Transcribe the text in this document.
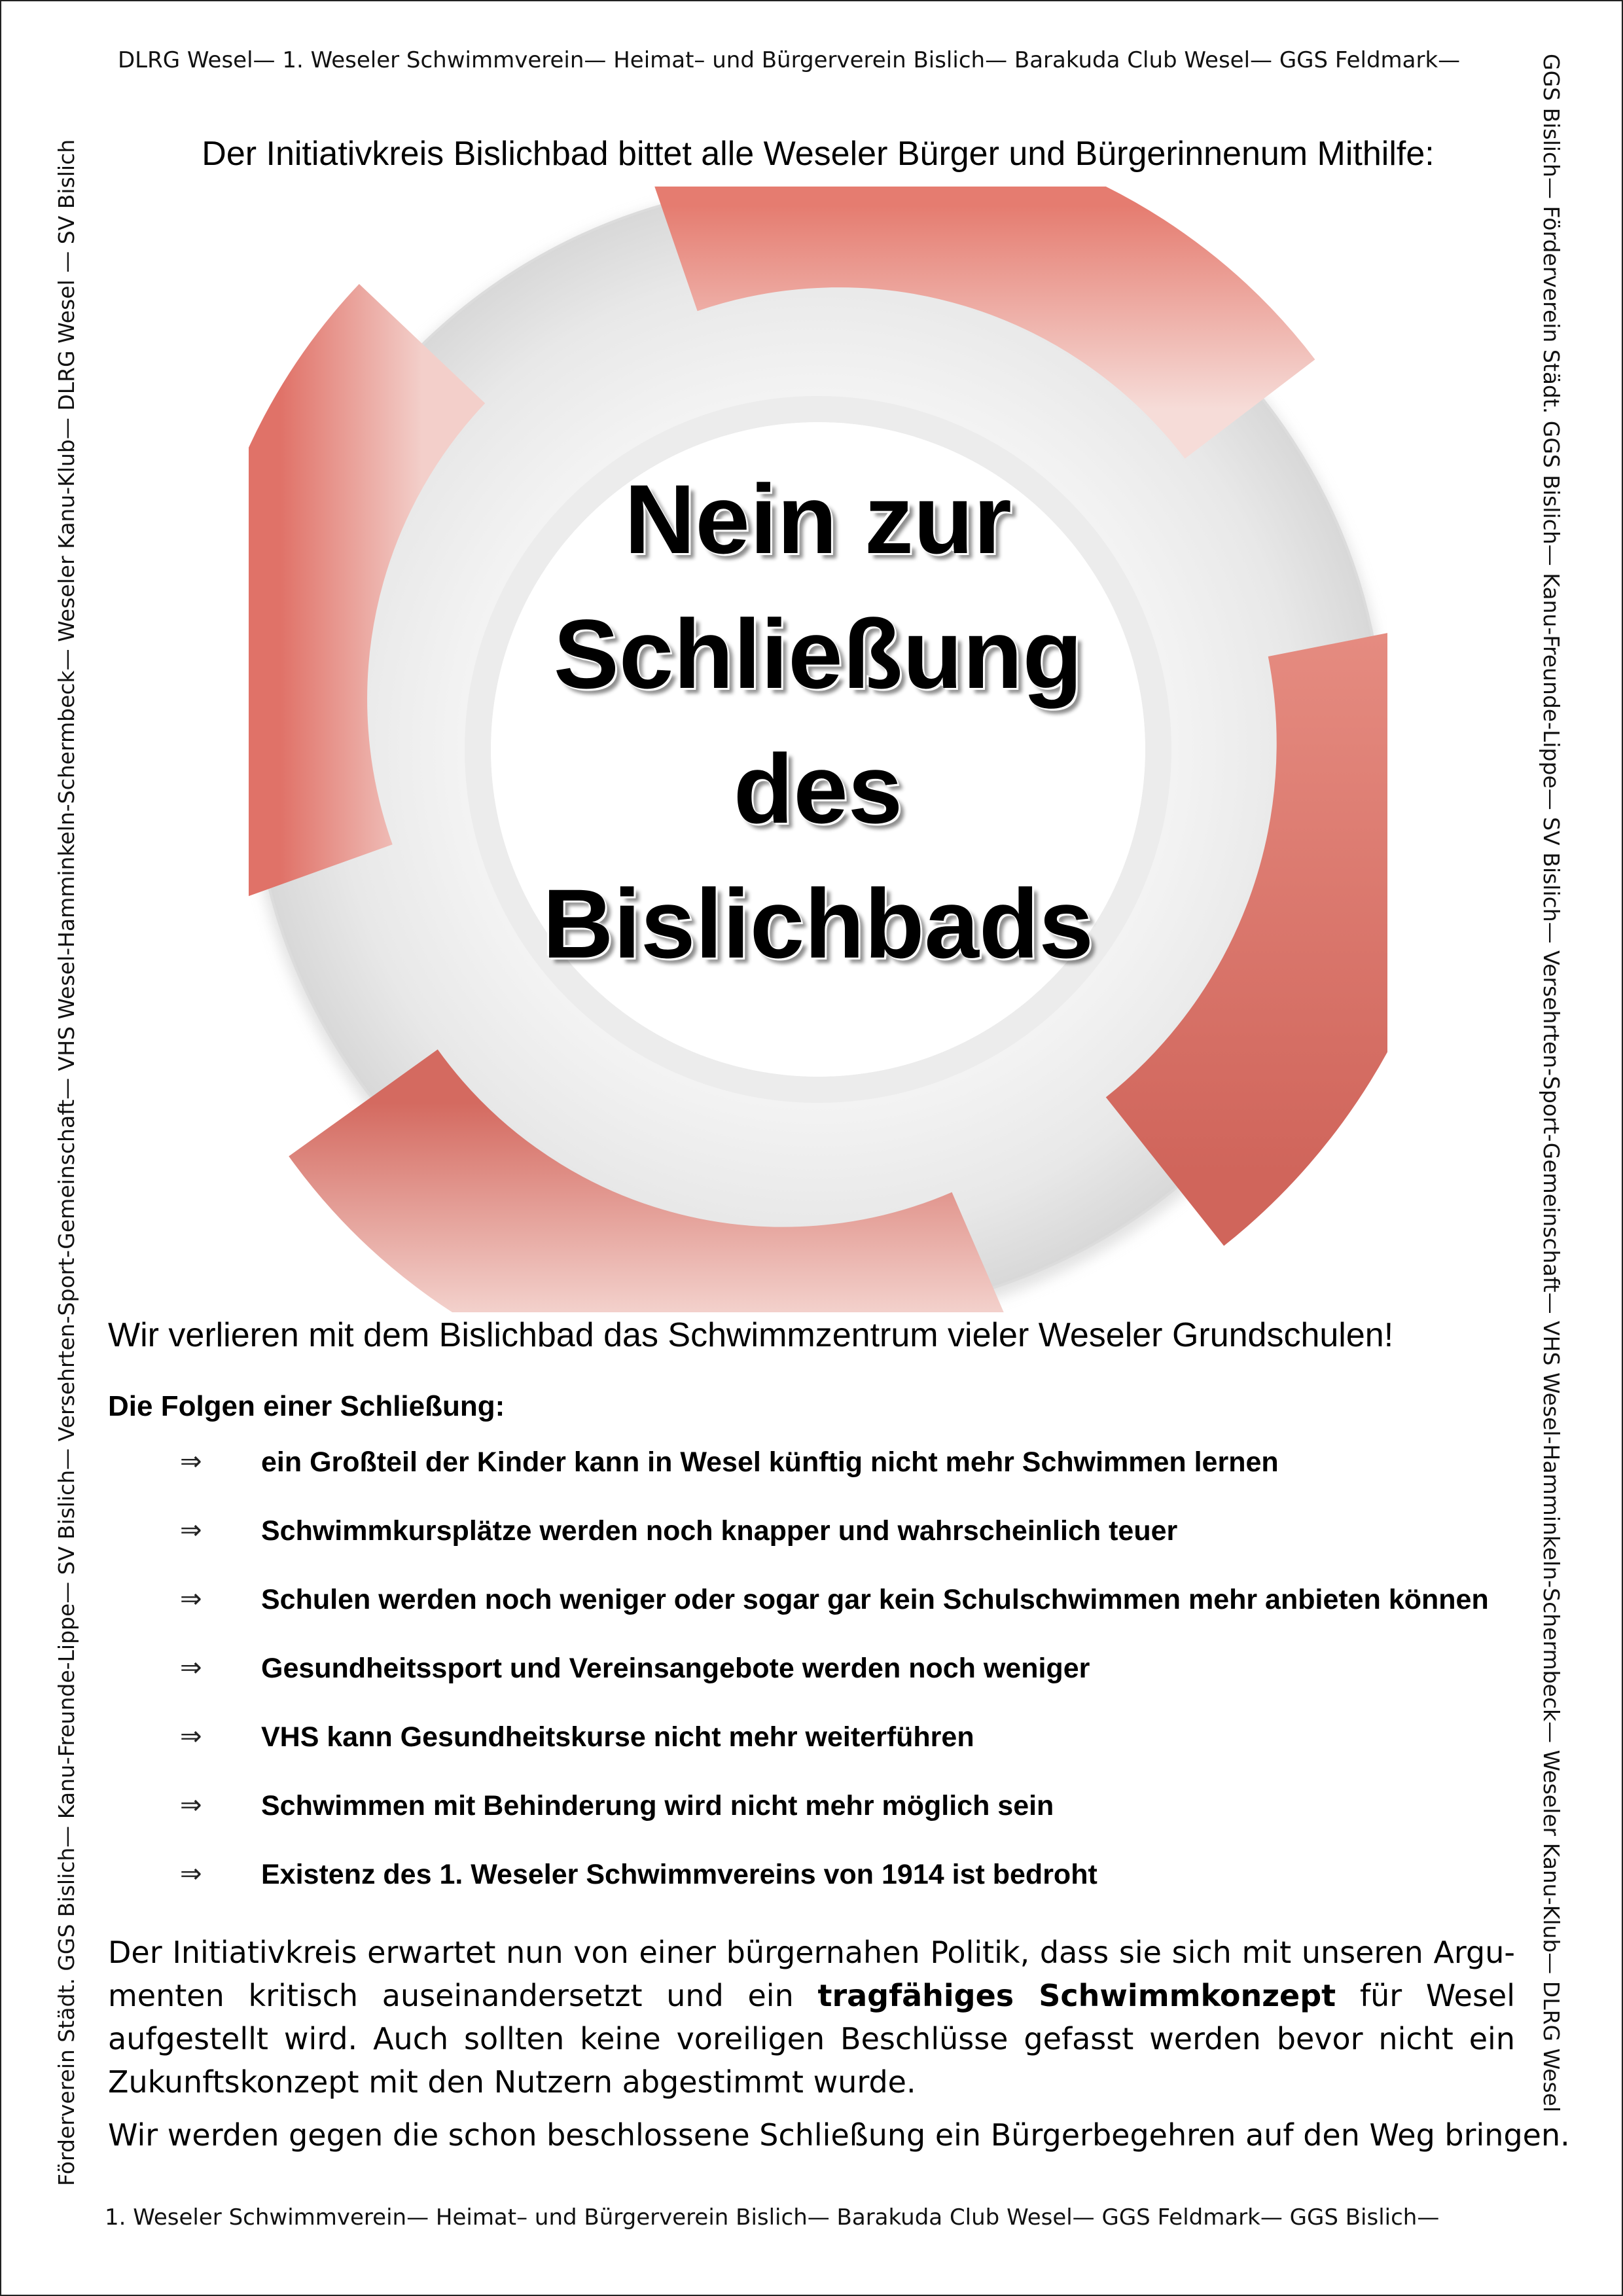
DLRG Wesel— 1. Weseler Schwimmverein— Heimat– und Bürgerverein Bislich— Barakuda Club Wesel— GGS Feldmark—
Förderverein Städt. GGS Bislich— Kanu-Freunde-Lippe— SV Bislich— Versehrten-Sport-Gemeinschaft— VHS Wesel-Hamminkeln-Schermbeck— Weseler Kanu-Klub— DLRG Wesel — SV Bislich	GGS Bislich— Förderverein Städt. GGS Bislich— Kanu-Freunde-Lippe— SV Bislich— Versehrten-Sport-Gemeinschaft— VHS Wesel-Hamminkeln-Schermbeck— Weseler Kanu-Klub— DLRG Wesel
Der Initiativkreis Bislichbad bittet alle Weseler Bürger und Bürgerinnenum Mithilfe:
Nein zur
Schließung
des
Bislichbads
Wir verlieren mit dem Bislichbad das Schwimmzentrum vieler Weseler Grundschulen!
Die Folgen einer Schließung:
⇒	ein Großteil der Kinder kann in Wesel künftig nicht mehr Schwimmen lernen
⇒	Schwimmkursplätze werden noch knapper und wahrscheinlich teuer
⇒	Schulen werden noch weniger oder sogar gar kein Schulschwimmen mehr anbieten können
⇒	Gesundheitssport und Vereinsangebote werden noch weniger
⇒	VHS kann Gesundheitskurse nicht mehr weiterführen
⇒	Schwimmen mit Behinderung wird nicht mehr möglich sein
⇒	Existenz des 1. Weseler Schwimmvereins von 1914 ist bedroht
Der Initiativkreis erwartet nun von einer bürgernahen Politik, dass sie sich mit unseren Argumenten kritisch auseinandersetzt und ein tragfähiges Schwimmkonzept für Wesel aufgestellt wird. Auch sollten keine voreiligen Beschlüsse gefasst werden bevor nicht ein Zukunftskonzept mit den Nutzern abgestimmt wurde.
Wir werden gegen die schon beschlossene Schließung ein Bürgerbegehren auf den Weg bringen.
1. Weseler Schwimmverein— Heimat– und Bürgerverein Bislich— Barakuda Club Wesel— GGS Feldmark— GGS Bislich—
